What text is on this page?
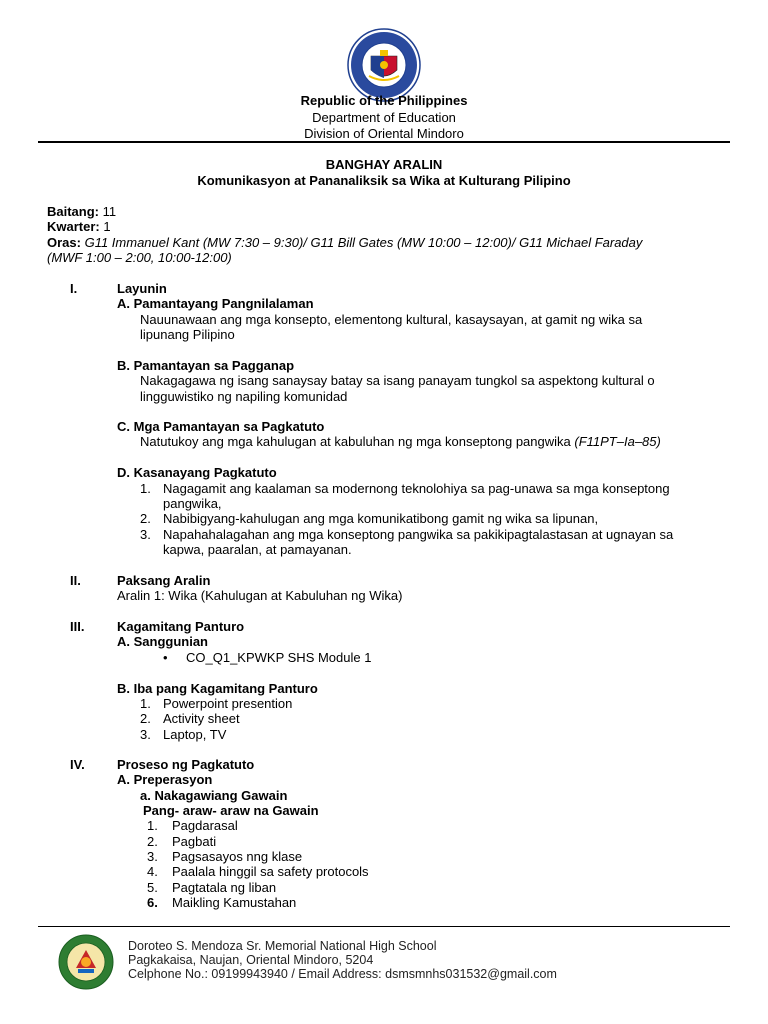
Republic of the Philippines
Department of Education
Division of Oriental Mindoro
BANGHAY ARALIN
Komunikasyon at Pananaliksik sa Wika at Kulturang Pilipino
Baitang: 11
Kwarter: 1
Oras: G11 Immanuel Kant (MW 7:30 – 9:30)/ G11 Bill Gates (MW 10:00 – 12:00)/ G11 Michael Faraday
(MWF 1:00 – 2:00, 10:00-12:00)
I.	Layunin
A. Pamantayang Pangnilalaman
Nauunawaan ang mga konsepto, elementong kultural, kasaysayan, at gamit ng wika sa
lipunang Pilipino
B. Pamantayan sa Pagganap
Nakagagawa ng isang sanaysay batay sa isang panayam tungkol sa aspektong kultural o
lingguwistiko ng napiling komunidad
C. Mga Pamantayan sa Pagkatuto
Natutukoy ang mga kahulugan at kabuluhan ng mga konseptong pangwika (F11PT–Ia–85)
D. Kasanayang Pagkatuto
1. Nagagamit ang kaalaman sa modernong teknolohiya sa pag-unawa sa mga konseptong
pangwika,
2. Nabibigyang-kahulugan ang mga komunikatibong gamit ng wika sa lipunan,
3. Napahahalagahan ang mga konseptong pangwika sa pakikipagtalastasan at ugnayan sa
kapwa, paaralan, at pamayanan.
II.	Paksang Aralin
Aralin 1: Wika (Kahulugan at Kabuluhan ng Wika)
III.	Kagamitang Panturo
A. Sanggunian
• CO_Q1_KPWKP SHS Module 1
B. Iba pang Kagamitang Panturo
1. Powerpoint presention
2. Activity sheet
3. Laptop, TV
IV. Proseso ng Pagkatuto
A. Preperasyon
a. Nakagawiang Gawain
Pang- araw- araw na Gawain
1. Pagdarasal
2. Pagbati
3. Pagsasayos nng klase
4. Paalala hinggil sa safety protocols
5. Pagtatala ng liban
6. Maikling Kamustahan
Doroteo S. Mendoza Sr. Memorial National High School
Pagkakaisa, Naujan, Oriental Mindoro, 5204
Celphone No.: 09199943940 / Email Address: dsmsmnhs031532@gmail.com
